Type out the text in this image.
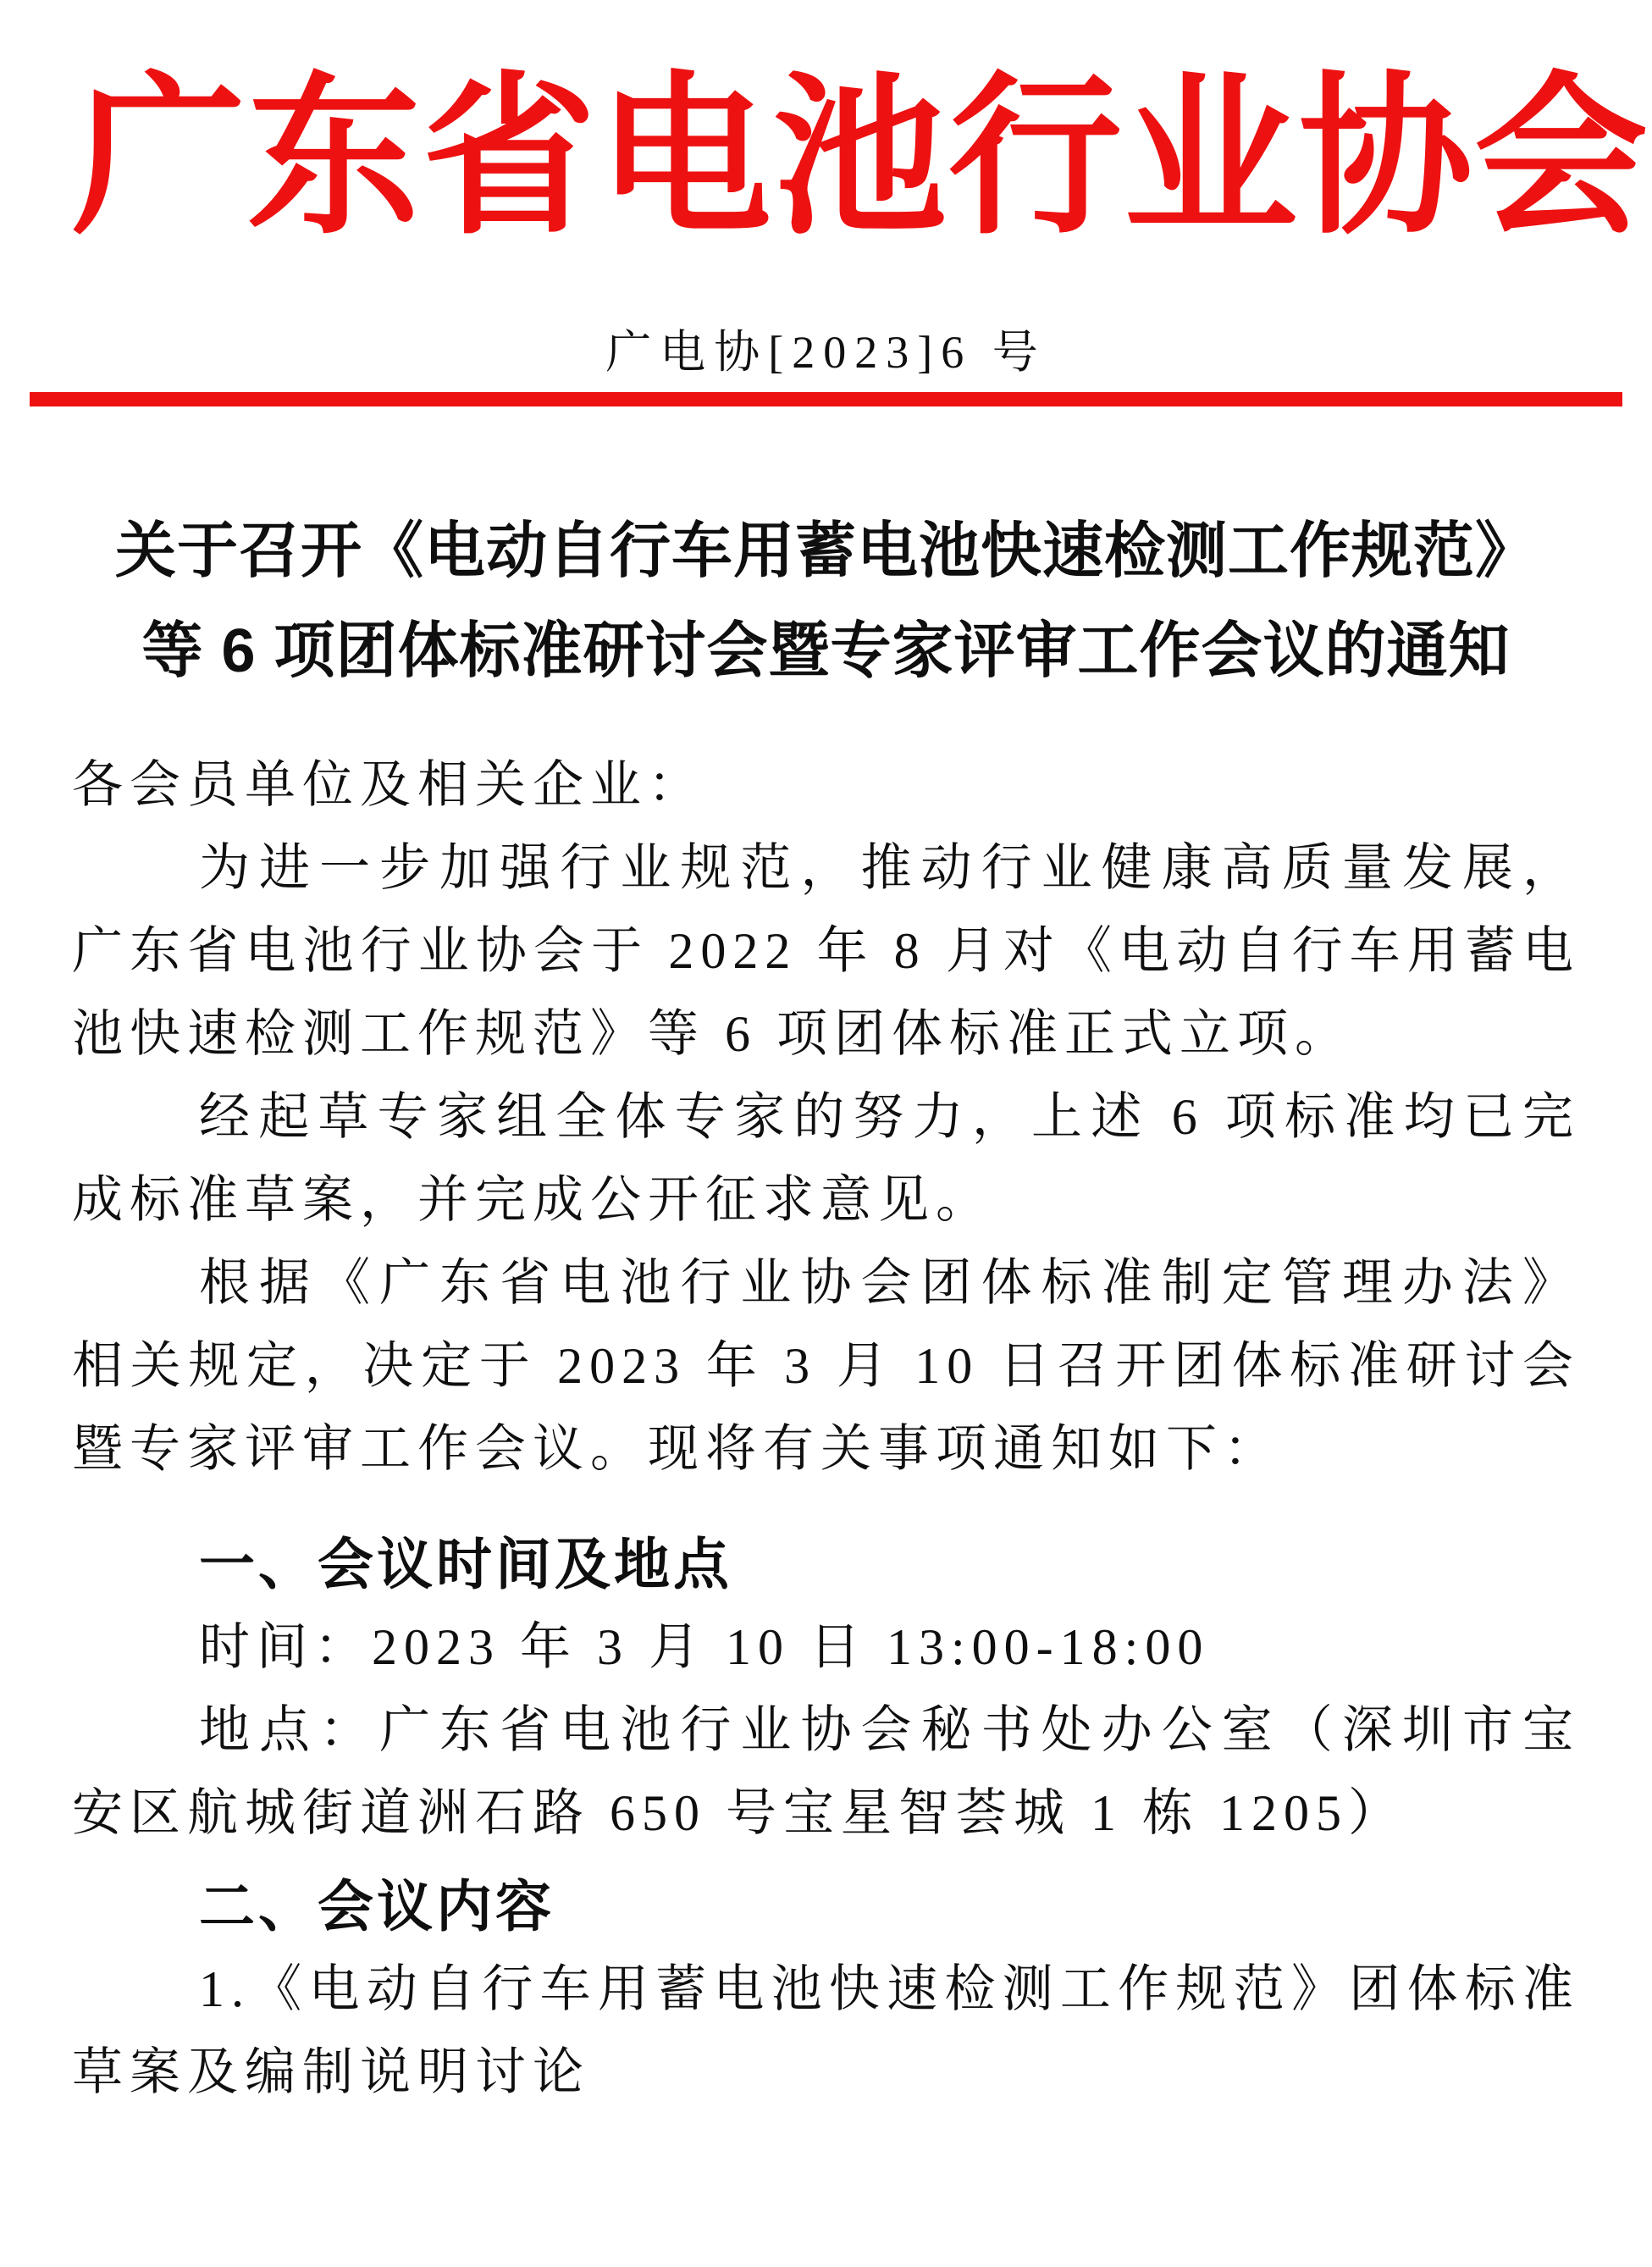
广东省电池行业协会
广电协[2023]6 号
关于召开《电动自行车用蓄电池快速检测工作规范》
等 6 项团体标准研讨会暨专家评审工作会议的通知

各会员单位及相关企业：

为进一步加强行业规范，推动行业健康高质量发展，广东省电池行业协会于 2022 年 8 月对《电动自行车用蓄电池快速检测工作规范》等 6 项团体标准正式立项。

经起草专家组全体专家的努力，上述 6 项标准均已完成标准草案，并完成公开征求意见。

根据《广东省电池行业协会团体标准制定管理办法》相关规定，决定于 2023 年 3 月 10 日召开团体标准研讨会暨专家评审工作会议。现将有关事项通知如下：

一、会议时间及地点

时间：2023 年 3 月 10 日 13:00-18:00

地点：广东省电池行业协会秘书处办公室（深圳市宝安区航城街道洲石路 650 号宝星智荟城 1 栋 1205）

二、会议内容

1.《电动自行车用蓄电池快速检测工作规范》团体标准草案及编制说明讨论
